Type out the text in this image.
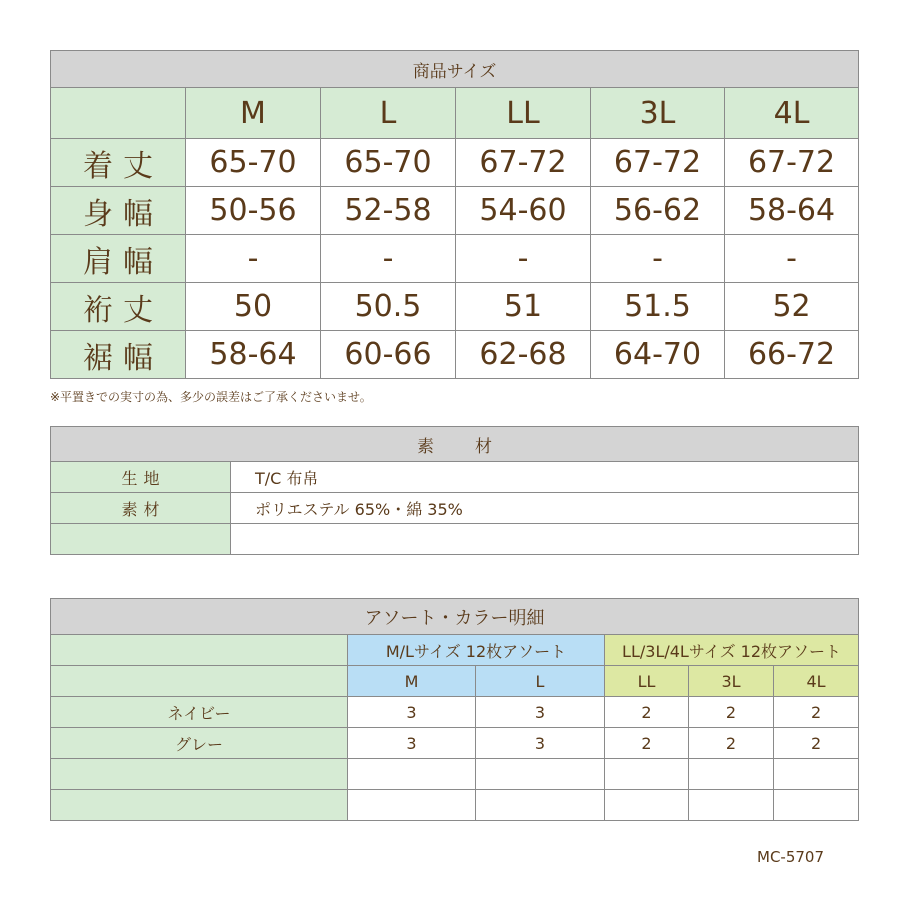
商品サイズ					
	M	L	LL	3L	4L
着丈	65-70	65-70	67-72	67-72	67-72
身幅	50-56	52-58	54-60	56-62	58-64
肩幅	-	-	-	-	-
裄丈	50	50.5	51	51.5	52
裾幅	58-64	60-66	62-68	64-70	66-72
※平置きでの実寸の為、多少の誤差はご了承くださいませ。
素　材	
生地	T/C 布帛
素材	ポリエステル 65%・綿 35%

アソート・カラー明細					
	M/Lサイズ 12枚アソート		LL/3L/4Lサイズ 12枚アソート		
	M	L	LL	3L	4L
ネイビー	3	3	2	2	2
グレー	3	3	2	2	2

MC-5707
